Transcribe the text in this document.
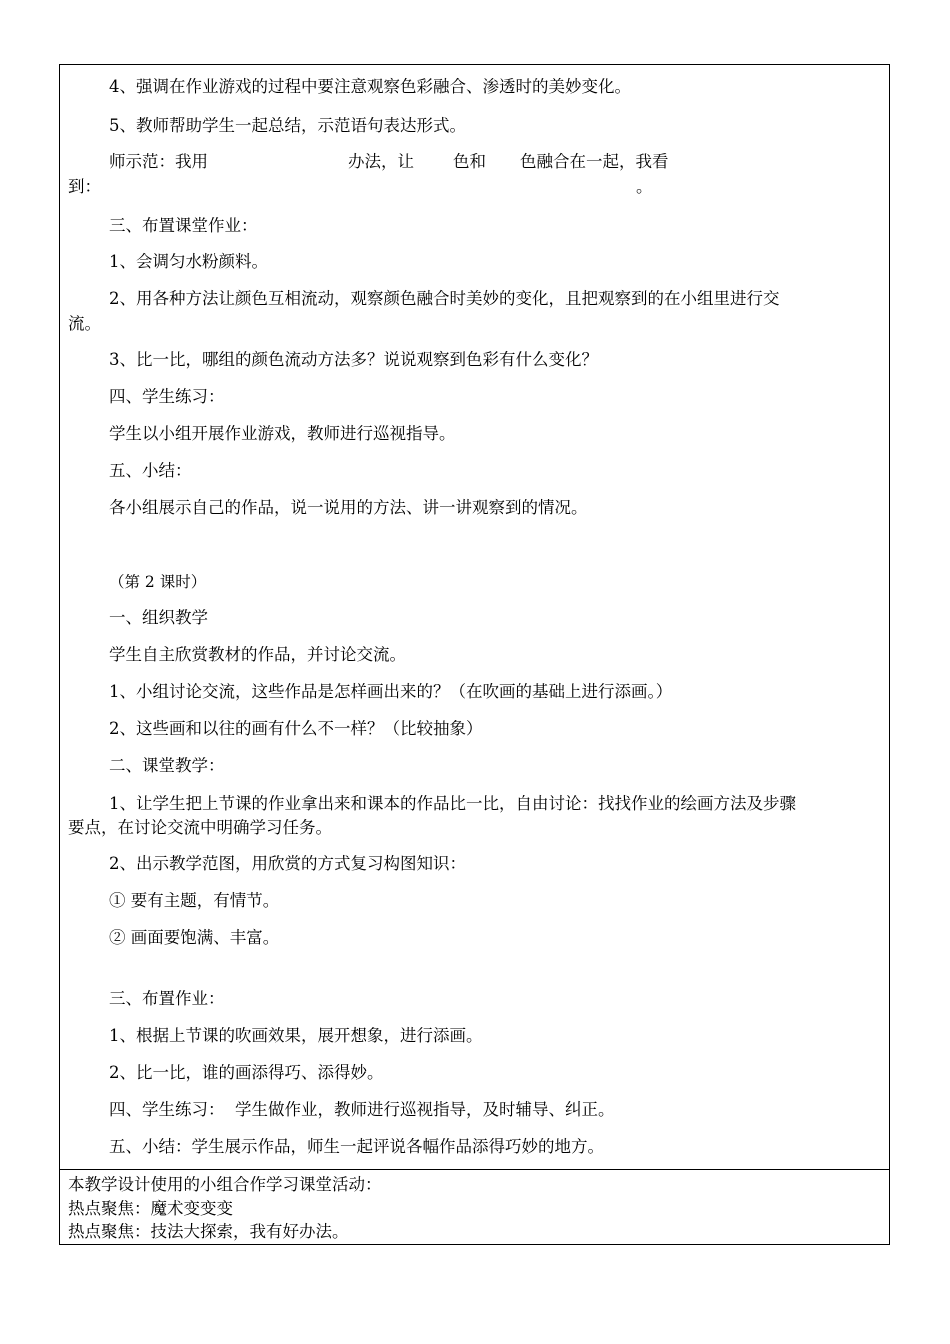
4、强调在作业游戏的过程中要注意观察色彩融合、渗透时的美妙变化。
5、教师帮助学生一起总结，示范语句表达形式。
师示范：我用	办法，让 色和 色融合在一起，我看
到：	。
三、布置课堂作业：
1、会调匀水粉颜料。
2、用各种方法让颜色互相流动，观察颜色融合时美妙的变化，且把观察到的在小组里进行交
流。
3、比一比，哪组的颜色流动方法多？说说观察到色彩有什么变化？
四、学生练习：
学生以小组开展作业游戏，教师进行巡视指导。
五、小结：
各小组展示自己的作品，说一说用的方法、讲一讲观察到的情况。
（第 2 课时）
一、组织教学
学生自主欣赏教材的作品，并讨论交流。
1、小组讨论交流，这些作品是怎样画出来的？（在吹画的基础上进行添画。）
2、这些画和以往的画有什么不一样？（比较抽象）
二、课堂教学：
1、让学生把上节课的作业拿出来和课本的作品比一比，自由讨论：找找作业的绘画方法及步骤
要点，在讨论交流中明确学习任务。
2、出示教学范图，用欣赏的方式复习构图知识：
① 要有主题，有情节。
② 画面要饱满、丰富。
三、布置作业：
1、根据上节课的吹画效果，展开想象，进行添画。
2、比一比，谁的画添得巧、添得妙。
四、学生练习：  学生做作业，教师进行巡视指导，及时辅导、纠正。
五、小结：学生展示作品，师生一起评说各幅作品添得巧妙的地方。
本教学设计使用的小组合作学习课堂活动：
热点聚焦：魔术变变变
热点聚焦：技法大探索，我有好办法。
